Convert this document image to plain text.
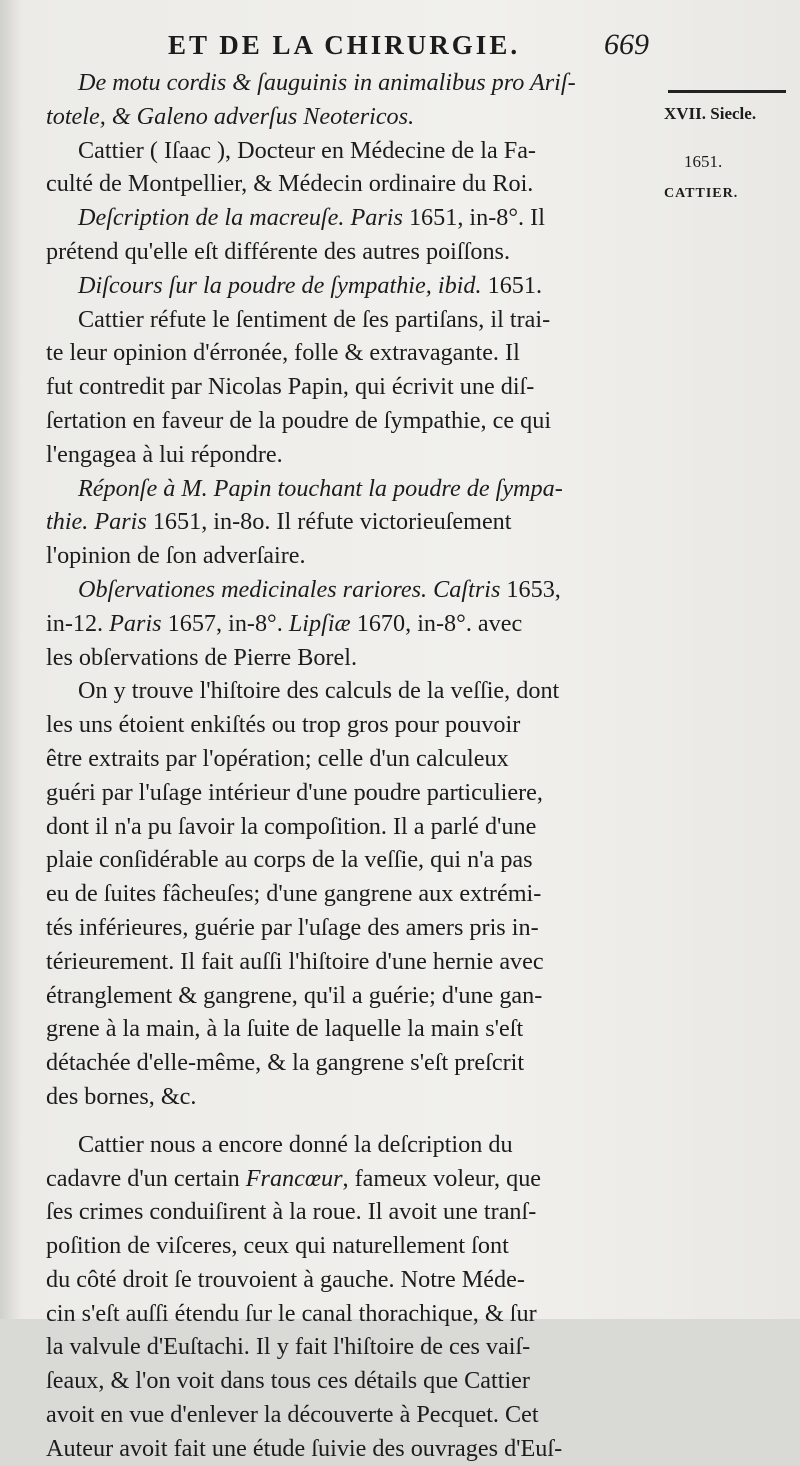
ET DE LA CHIRURGIE.	669
XVII. Siecle.
1651.
CATTIER.
De motu cordis & ſauguinis in animalibus pro Ariſ-
totele, & Galeno adverſus Neotericos.
Cattier ( Iſaac ), Docteur en Médecine de la Fa-
culté de Montpellier, & Médecin ordinaire du Roi.
Deſcription de la macreuſe. Paris 1651, in-8°. Il
prétend qu'elle eſt différente des autres poiſſons.
Diſcours ſur la poudre de ſympathie, ibid. 1651.
Cattier réfute le ſentiment de ſes partiſans, il trai-
te leur opinion d'érronée, folle & extravagante. Il
fut contredit par Nicolas Papin, qui écrivit une diſ-
ſertation en faveur de la poudre de ſympathie, ce qui
l'engagea à lui répondre.
Réponſe à M. Papin touchant la poudre de ſympa-
thie. Paris 1651, in-8o. Il réfute victorieuſement
l'opinion de ſon adverſaire.
Obſervationes medicinales rariores. Caſtris 1653,
in-12. Paris 1657, in-8°. Lipſiæ 1670, in-8°. avec
les obſervations de Pierre Borel.
On y trouve l'hiſtoire des calculs de la veſſie, dont
les uns étoient enkiſtés ou trop gros pour pouvoir
être extraits par l'opération; celle d'un calculeux
guéri par l'uſage intérieur d'une poudre particuliere,
dont il n'a pu ſavoir la compoſition. Il a parlé d'une
plaie conſidérable au corps de la veſſie, qui n'a pas
eu de ſuites fâcheuſes; d'une gangrene aux extrémi-
tés inférieures, guérie par l'uſage des amers pris in-
térieurement. Il fait auſſi l'hiſtoire d'une hernie avec
étranglement & gangrene, qu'il a guérie; d'une gan-
grene à la main, à la ſuite de laquelle la main s'eſt
détachée d'elle-même, & la gangrene s'eſt preſcrit
des bornes, &c.
Cattier nous a encore donné la deſcription du
cadavre d'un certain Francœur, fameux voleur, que
ſes crimes conduiſirent à la roue. Il avoit une tranſ-
poſition de viſceres, ceux qui naturellement ſont
du côté droit ſe trouvoient à gauche. Notre Méde-
cin s'eſt auſſi étendu ſur le canal thorachique, & ſur
la valvule d'Euſtachi. Il y fait l'hiſtoire de ces vaiſ-
ſeaux, & l'on voit dans tous ces détails que Cattier
avoit en vue d'enlever la découverte à Pecquet. Cet
Auteur avoit fait une étude ſuivie des ouvrages d'Euſ-
